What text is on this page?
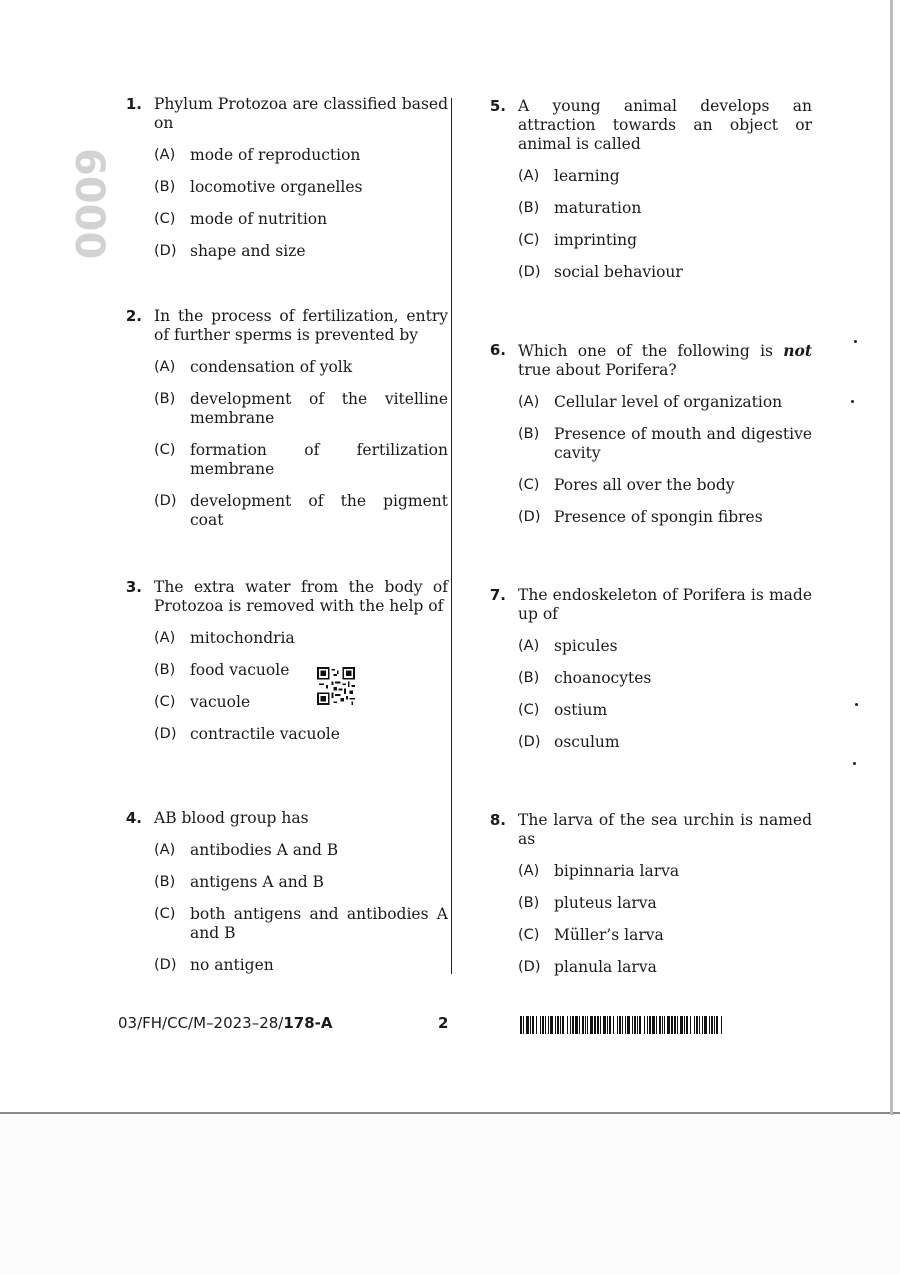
6000
1. Phylum Protozoa are classified based on
(A) mode of reproduction
(B) locomotive organelles
(C) mode of nutrition
(D) shape and size
2. In the process of fertilization, entry of further sperms is prevented by
(A) condensation of yolk
(B) development of the vitelline membrane
(C) formation of fertilization membrane
(D) development of the pigment coat
3. The extra water from the body of Protozoa is removed with the help of
(A) mitochondria
(B) food vacuole
(C) vacuole
(D) contractile vacuole
4. AB blood group has
(A) antibodies A and B
(B) antigens A and B
(C) both antigens and antibodies A and B
(D) no antigen
5. A young animal develops an attraction towards an object or animal is called
(A) learning
(B) maturation
(C) imprinting
(D) social behaviour
6. Which one of the following is not true about Porifera?
(A) Cellular level of organization
(B) Presence of mouth and digestive cavity
(C) Pores all over the body
(D) Presence of spongin fibres
7. The endoskeleton of Porifera is made up of
(A) spicules
(B) choanocytes
(C) ostium
(D) osculum
8. The larva of the sea urchin is named as
(A) bipinnaria larva
(B) pluteus larva
(C) Müller’s larva
(D) planula larva
03/FH/CC/M–2023–28/178-A	2
